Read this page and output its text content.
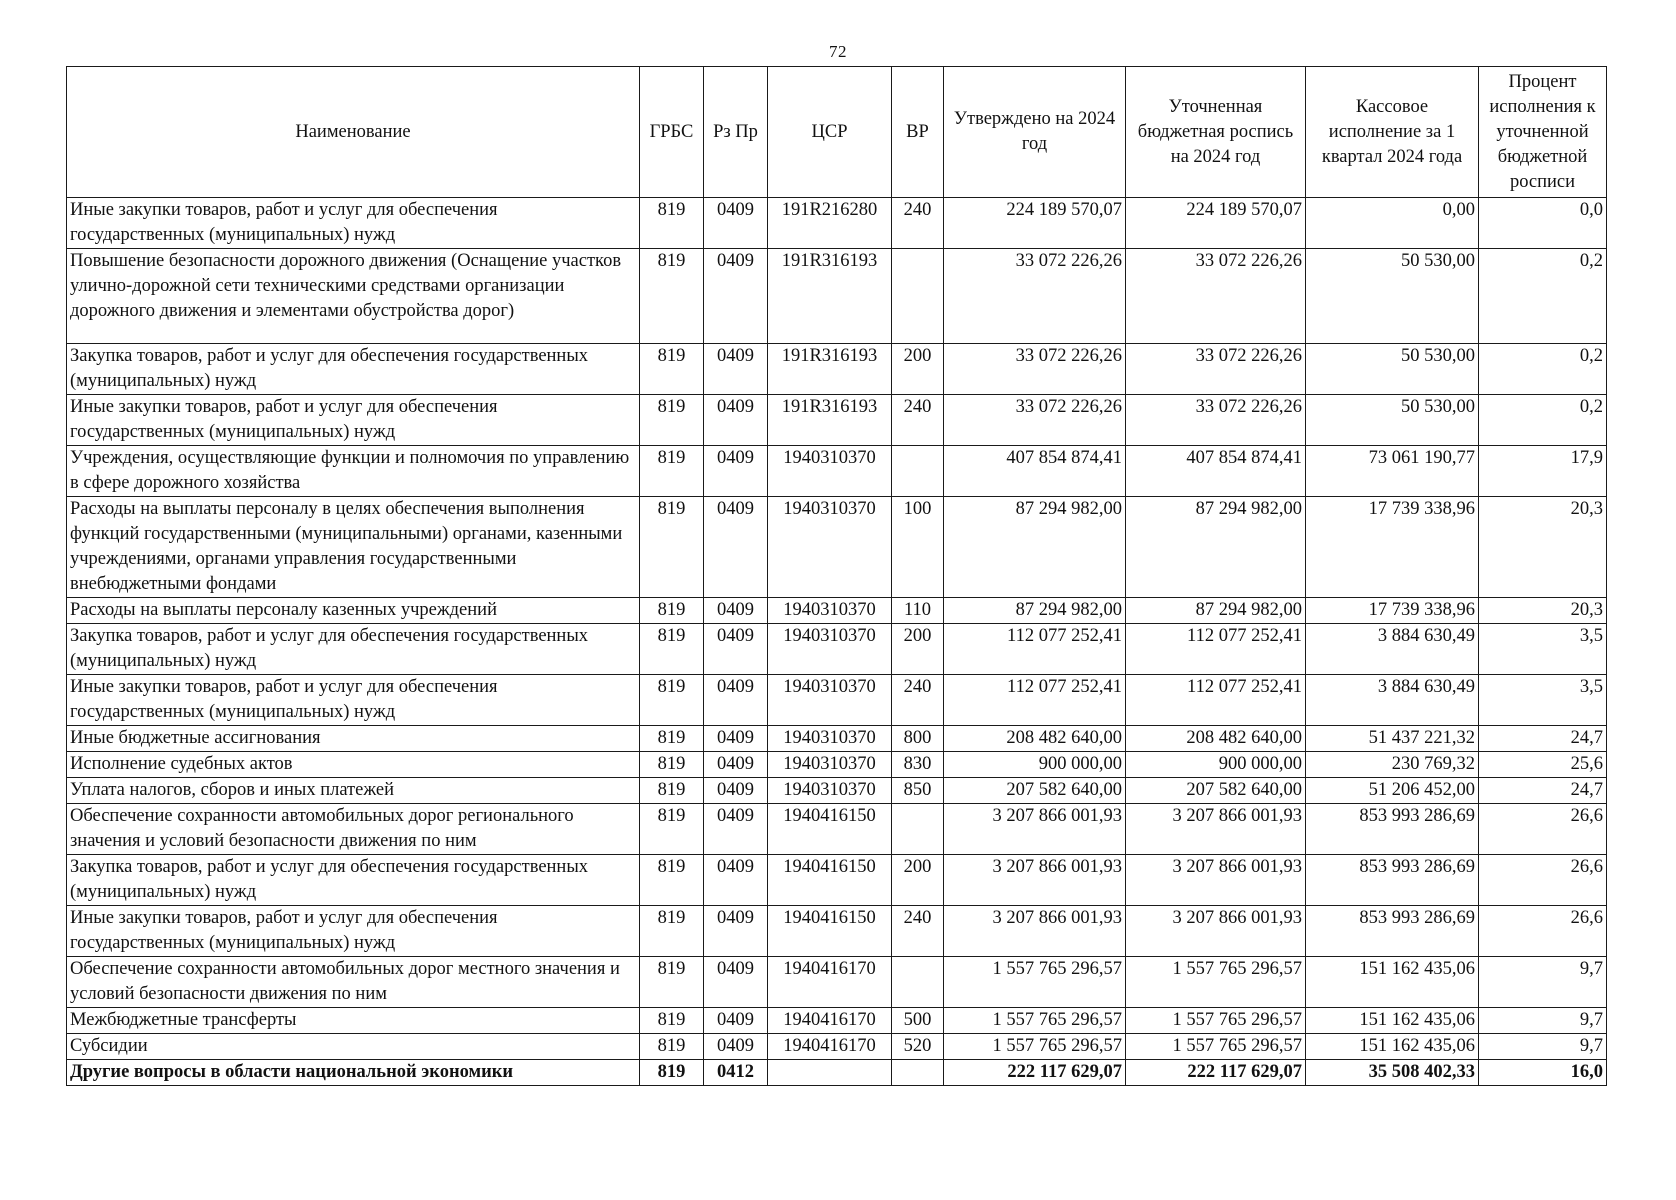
72
Наименование	ГРБС	Рз Пр	ЦСР	ВР	Утверждено на 2024 год	Уточненная бюджетная роспись на 2024 год	Кассовое исполнение за 1 квартал 2024 года	Процент исполнения к уточненной бюджетной росписи
Иные закупки товаров, работ и услуг для обеспечения государственных (муниципальных) нужд	819	0409	191R216280	240	224 189 570,07	224 189 570,07	0,00	0,0
Повышение безопасности дорожного движения (Оснащение участков улично-дорожной сети техническими средствами организации дорожного движения и элементами обустройства дорог)	819	0409	191R316193		33 072 226,26	33 072 226,26	50 530,00	0,2
Закупка товаров, работ и услуг для обеспечения государственных (муниципальных) нужд	819	0409	191R316193	200	33 072 226,26	33 072 226,26	50 530,00	0,2
Иные закупки товаров, работ и услуг для обеспечения государственных (муниципальных) нужд	819	0409	191R316193	240	33 072 226,26	33 072 226,26	50 530,00	0,2
Учреждения, осуществляющие функции и полномочия по управлению в сфере дорожного хозяйства	819	0409	1940310370		407 854 874,41	407 854 874,41	73 061 190,77	17,9
Расходы на выплаты персоналу в целях обеспечения выполнения функций государственными (муниципальными) органами, казенными учреждениями, органами управления государственными внебюджетными фондами	819	0409	1940310370	100	87 294 982,00	87 294 982,00	17 739 338,96	20,3
Расходы на выплаты персоналу казенных учреждений	819	0409	1940310370	110	87 294 982,00	87 294 982,00	17 739 338,96	20,3
Закупка товаров, работ и услуг для обеспечения государственных (муниципальных) нужд	819	0409	1940310370	200	112 077 252,41	112 077 252,41	3 884 630,49	3,5
Иные закупки товаров, работ и услуг для обеспечения государственных (муниципальных) нужд	819	0409	1940310370	240	112 077 252,41	112 077 252,41	3 884 630,49	3,5
Иные бюджетные ассигнования	819	0409	1940310370	800	208 482 640,00	208 482 640,00	51 437 221,32	24,7
Исполнение судебных актов	819	0409	1940310370	830	900 000,00	900 000,00	230 769,32	25,6
Уплата налогов, сборов и иных платежей	819	0409	1940310370	850	207 582 640,00	207 582 640,00	51 206 452,00	24,7
Обеспечение сохранности автомобильных дорог регионального значения и условий безопасности движения по ним	819	0409	1940416150		3 207 866 001,93	3 207 866 001,93	853 993 286,69	26,6
Закупка товаров, работ и услуг для обеспечения государственных (муниципальных) нужд	819	0409	1940416150	200	3 207 866 001,93	3 207 866 001,93	853 993 286,69	26,6
Иные закупки товаров, работ и услуг для обеспечения государственных (муниципальных) нужд	819	0409	1940416150	240	3 207 866 001,93	3 207 866 001,93	853 993 286,69	26,6
Обеспечение сохранности автомобильных дорог местного значения и условий безопасности движения по ним	819	0409	1940416170		1 557 765 296,57	1 557 765 296,57	151 162 435,06	9,7
Межбюджетные трансферты	819	0409	1940416170	500	1 557 765 296,57	1 557 765 296,57	151 162 435,06	9,7
Субсидии	819	0409	1940416170	520	1 557 765 296,57	1 557 765 296,57	151 162 435,06	9,7
Другие вопросы в области национальной экономики	819	0412			222 117 629,07	222 117 629,07	35 508 402,33	16,0
